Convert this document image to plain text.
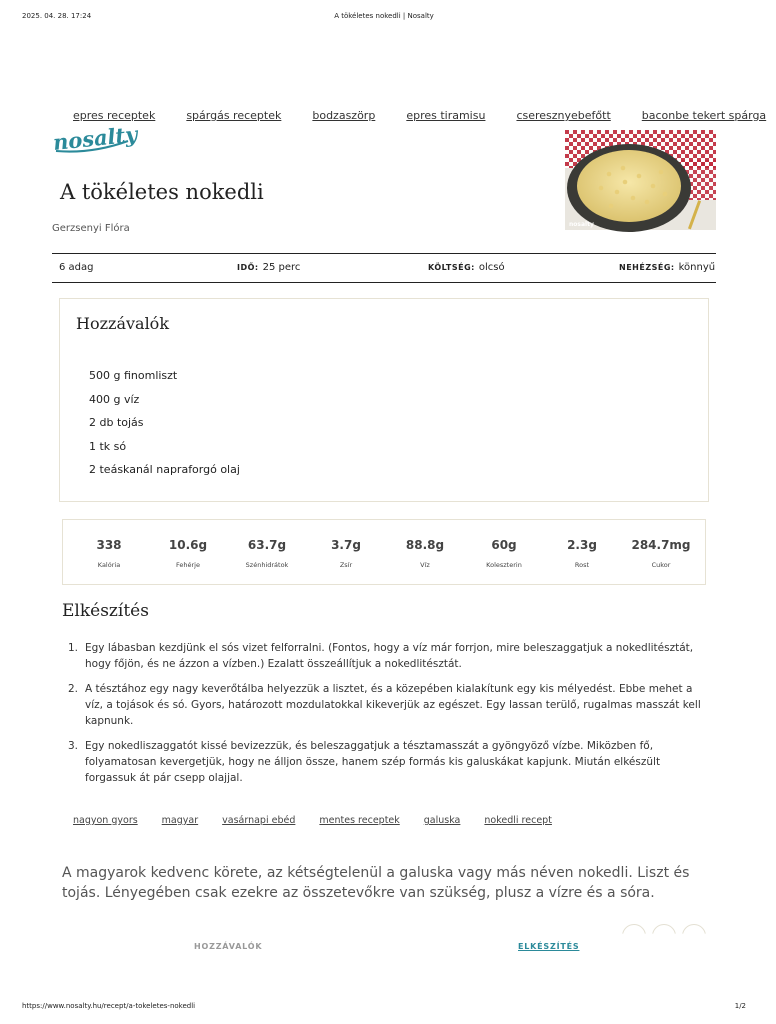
2025. 04. 28. 17:24	A tökéletes nokedli | Nosalty
epres receptek	spárgás receptek	bodzaszörp	epres tiramisu	cseresznyebefőtt	baconbe tekert spárga
nosalty
nosalty
A tökéletes nokedli
Gerzsenyi Flóra
6 adag	IDŐ: 25 perc	KÖLTSÉG: olcsó	NEHÉZSÉG: könnyű
Hozzávalók
500 g finomliszt
400 g víz
2 db tojás
1 tk só
2 teáskanál napraforgó olaj
338
Kalória
10.6g
Fehérje
63.7g
Szénhidrátok
3.7g
Zsír
88.8g
Víz
60g
Koleszterin
2.3g
Rost
284.7mg
Cukor
Elkészítés
1. Egy lábasban kezdjünk el sós vizet felforralni. (Fontos, hogy a víz már forrjon, mire beleszaggatjuk a nokedlitésztát, hogy főjön, és ne ázzon a vízben.) Ezalatt összeállítjuk a nokedlitésztát.
2. A tésztához egy nagy keverőtálba helyezzük a lisztet, és a közepében kialakítunk egy kis mélyedést. Ebbe mehet a víz, a tojások és só. Gyors, határozott mozdulatokkal kikeverjük az egészet. Egy lassan terülő, rugalmas masszát kell kapnunk.
3. Egy nokedliszaggatót kissé bevizezzük, és beleszaggatjuk a tésztamasszát a gyöngyöző vízbe. Miközben fő, folyamatosan kevergetjük, hogy ne álljon össze, hanem szép formás kis galuskákat kapjunk. Miután elkészült forgassuk át pár csepp olajjal.
nagyon gyors	magyar	vasárnapi ebéd	mentes receptek	galuska	nokedli recept
A magyarok kedvenc körete, az kétségtelenül a galuska vagy más néven nokedli. Liszt és tojás. Lényegében csak ezekre az összetevőkre van szükség, plusz a vízre és a sóra.
HOZZÁVALÓK	ELKÉSZÍTÉS
https://www.nosalty.hu/recept/a-tokeletes-nokedli	1/2
